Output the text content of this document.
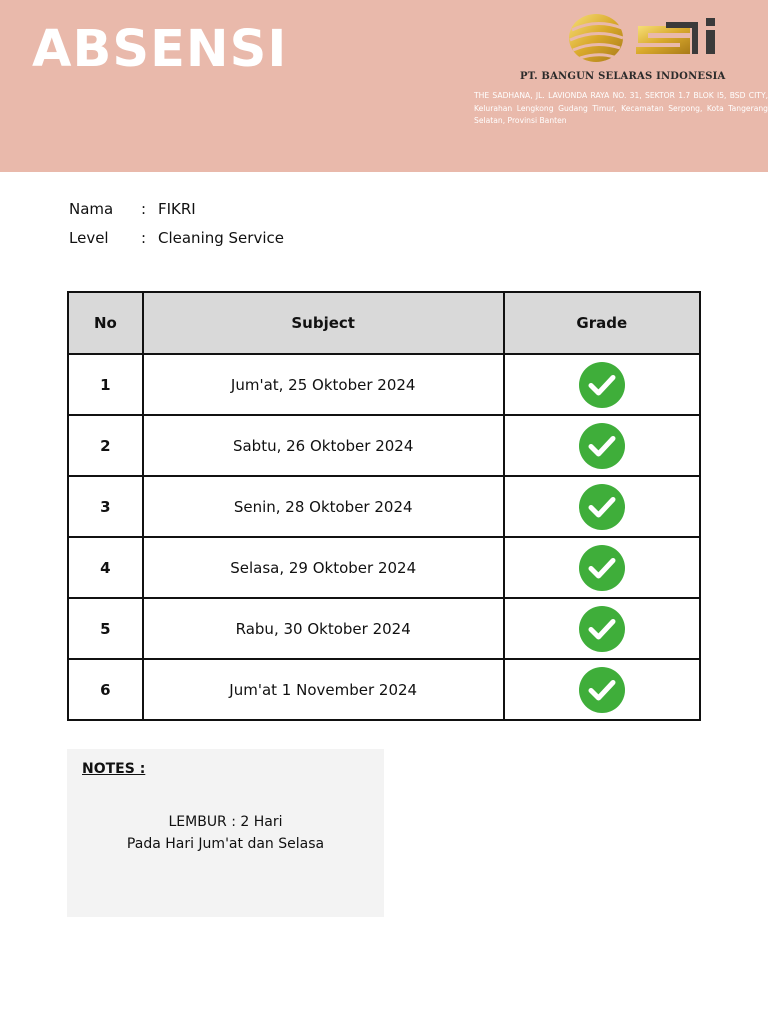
ABSENSI	PT. BANGUN SELARAS INDONESIA
THE SADHANA, JL. LAVIONDA RAYA NO. 31, SEKTOR 1.7 BLOK I5, BSD CITY, Kelurahan Lengkong Gudang Timur, Kecamatan Serpong, Kota Tangerang Selatan, Provinsi Banten
Nama : FIKRI
Level : Cleaning Service
No	Subject	Grade
1	Jum'at, 25 Oktober 2024	
2	Sabtu, 26 Oktober 2024	
3	Senin, 28 Oktober 2024	
4	Selasa, 29 Oktober 2024	
5	Rabu, 30 Oktober 2024	
6	Jum'at 1 November 2024	
NOTES :
LEMBUR : 2 Hari
Pada Hari Jum'at dan Selasa
